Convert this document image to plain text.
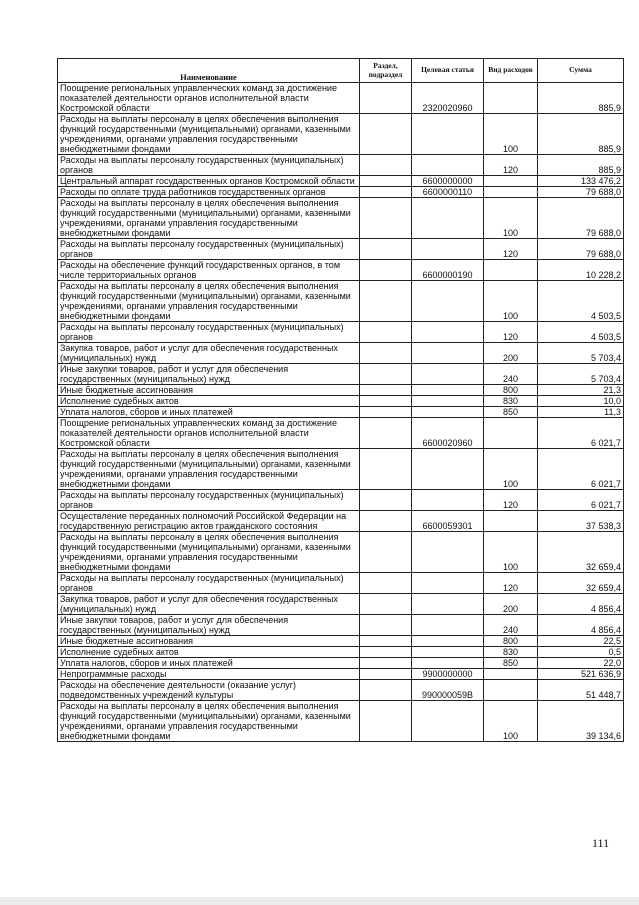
Наименование	Раздел, подраздел	Целевая статья	Вид расходов	Сумма
Поощрение региональных управленческих команд за достижение показателей деятельности органов исполнительной власти Костромской области		2320020960		885,9
Расходы на выплаты персоналу в целях обеспечения выполнения функций государственными (муниципальными) органами, казенными учреждениями, органами управления государственными внебюджетными фондами			100	885,9
Расходы на выплаты персоналу государственных (муниципальных) органов			120	885,9
Центральный аппарат государственных органов Костромской области		6600000000		133 476,2
Расходы по оплате труда работников государственных органов		6600000110		79 688,0
Расходы на выплаты персоналу в целях обеспечения выполнения функций государственными (муниципальными) органами, казенными учреждениями, органами управления государственными внебюджетными фондами			100	79 688,0
Расходы на выплаты персоналу государственных (муниципальных) органов			120	79 688,0
Расходы на обеспечение функций государственных органов, в том числе территориальных органов		6600000190		10 228,2
Расходы на выплаты персоналу в целях обеспечения выполнения функций государственными (муниципальными) органами, казенными учреждениями, органами управления государственными внебюджетными фондами			100	4 503,5
Расходы на выплаты персоналу государственных (муниципальных) органов			120	4 503,5
Закупка товаров, работ и услуг для обеспечения государственных (муниципальных) нужд			200	5 703,4
Иные закупки товаров, работ и услуг для обеспечения государственных (муниципальных) нужд			240	5 703,4
Иные бюджетные ассигнования			800	21,3
Исполнение судебных актов			830	10,0
Уплата налогов, сборов и иных платежей			850	11,3
Поощрение региональных управленческих команд за достижение показателей деятельности органов исполнительной власти Костромской области		6600020960		6 021,7
Расходы на выплаты персоналу в целях обеспечения выполнения функций государственными (муниципальными) органами, казенными учреждениями, органами управления государственными внебюджетными фондами			100	6 021,7
Расходы на выплаты персоналу государственных (муниципальных) органов			120	6 021,7
Осуществление переданных полномочий Российской Федерации на государственную регистрацию актов гражданского состояния		6600059301		37 538,3
Расходы на выплаты персоналу в целях обеспечения выполнения функций государственными (муниципальными) органами, казенными учреждениями, органами управления государственными внебюджетными фондами			100	32 659,4
Расходы на выплаты персоналу государственных (муниципальных) органов			120	32 659,4
Закупка товаров, работ и услуг для обеспечения государственных (муниципальных) нужд			200	4 856,4
Иные закупки товаров, работ и услуг для обеспечения государственных (муниципальных) нужд			240	4 856,4
Иные бюджетные ассигнования			800	22,5
Исполнение судебных актов			830	0,5
Уплата налогов, сборов и иных платежей			850	22,0
Непрограммные расходы		9900000000		521 636,9
Расходы на обеспечение деятельности (оказание услуг) подведомственных учреждений культуры		990000059В		51 448,7
Расходы на выплаты персоналу в целях обеспечения выполнения функций государственными (муниципальными) органами, казенными учреждениями, органами управления государственными внебюджетными фондами			100	39 134,6
111
